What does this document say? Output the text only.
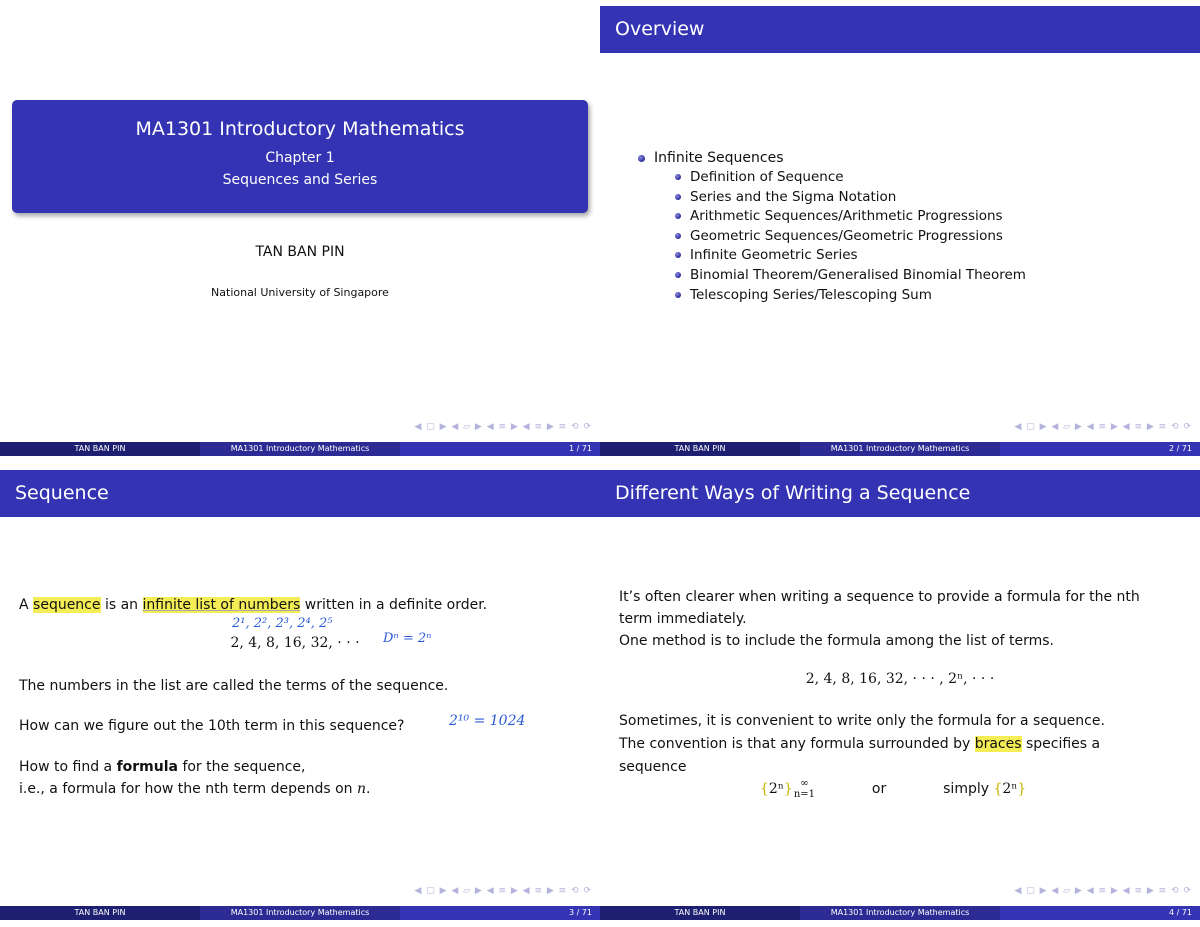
MA1301 Introductory Mathematics
Chapter 1
Sequences and Series
TAN BAN PIN
National University of Singapore
◀ ▢ ▶ ◀ ▱ ▶ ◀ ≡ ▶ ◀ ≡ ▶ ≡ ⟲ ⟳
TAN BAN PIN	MA1301 Introductory Mathematics	1 / 71
Overview
Infinite Sequences
Definition of Sequence
Series and the Sigma Notation
Arithmetic Sequences/Arithmetic Progressions
Geometric Sequences/Geometric Progressions
Infinite Geometric Series
Binomial Theorem/Generalised Binomial Theorem
Telescoping Series/Telescoping Sum
◀ ▢ ▶ ◀ ▱ ▶ ◀ ≡ ▶ ◀ ≡ ▶ ≡ ⟲ ⟳
TAN BAN PIN	MA1301 Introductory Mathematics	2 / 71
Sequence
A sequence is an infinite list of numbers written in a definite order.
2¹, 2², 2³, 2⁴, 2⁵
2, 4, 8, 16, 32, · · ·	Dⁿ = 2ⁿ
The numbers in the list are called the terms of the sequence.
How can we figure out the 10th term in this sequence?	2¹⁰ = 1024
How to find a formula for the sequence,
i.e., a formula for how the nth term depends on n.
◀ ▢ ▶ ◀ ▱ ▶ ◀ ≡ ▶ ◀ ≡ ▶ ≡ ⟲ ⟳
TAN BAN PIN	MA1301 Introductory Mathematics	3 / 71
Different Ways of Writing a Sequence
It’s often clearer when writing a sequence to provide a formula for the nth
term immediately.
One method is to include the formula among the list of terms.
2, 4, 8, 16, 32, · · · , 2ⁿ, · · ·
Sometimes, it is convenient to write only the formula for a sequence.
The convention is that any formula surrounded by braces specifies a
sequence
{2ⁿ} ∞
n=1	or	simply {2ⁿ}
◀ ▢ ▶ ◀ ▱ ▶ ◀ ≡ ▶ ◀ ≡ ▶ ≡ ⟲ ⟳
TAN BAN PIN	MA1301 Introductory Mathematics	4 / 71
